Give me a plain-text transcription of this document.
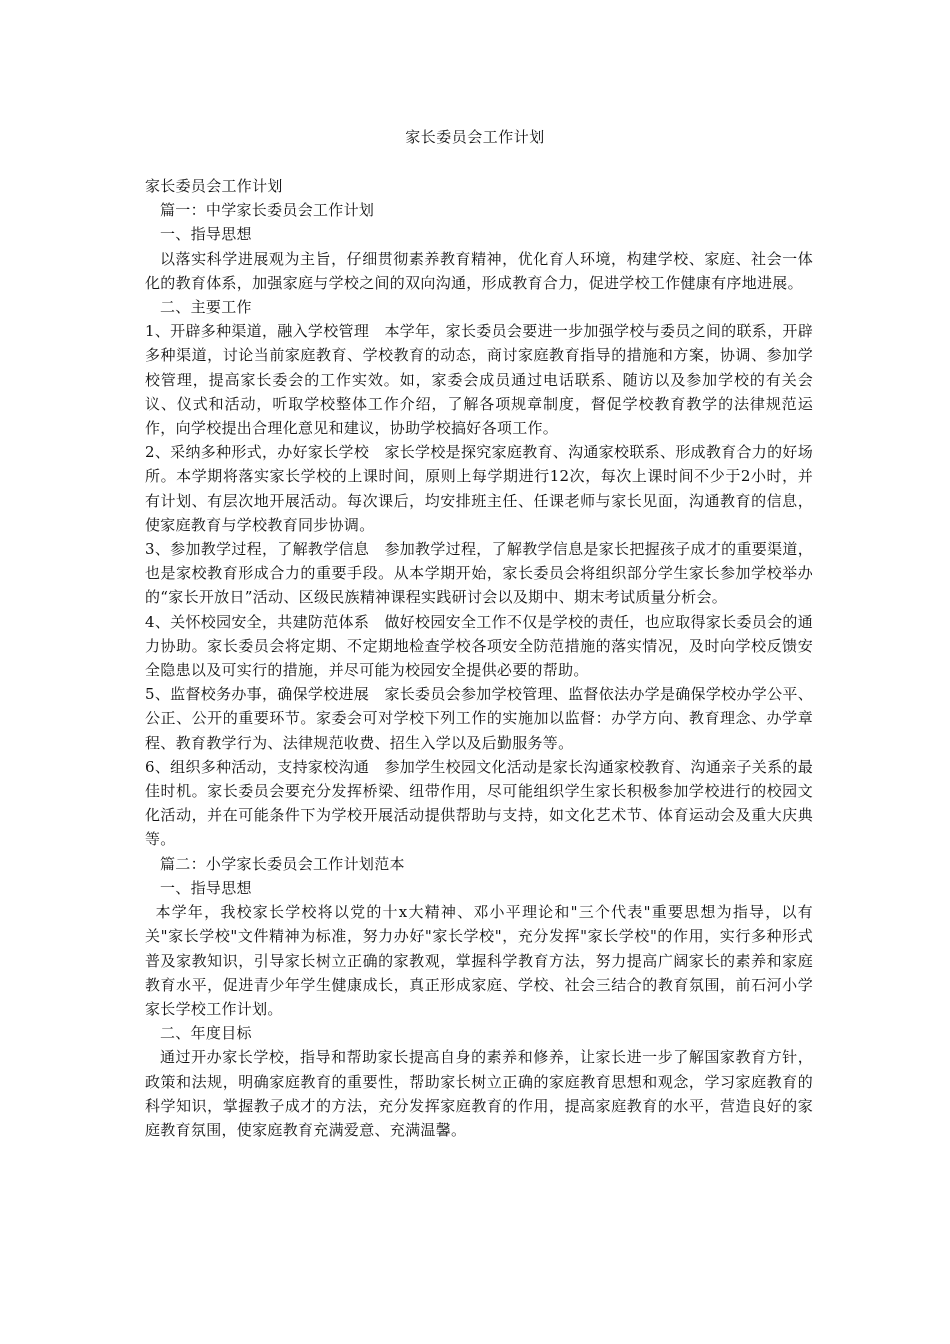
家长委员会工作计划

家长委员会工作计划

篇一：中学家长委员会工作计划

一、指导思想

以落实科学进展观为主旨，仔细贯彻素养教育精神，优化育人环境，构建学校、家庭、社会一体化的教育体系，加强家庭与学校之间的双向沟通，形成教育合力，促进学校工作健康有序地进展。

二、主要工作

1、开辟多种渠道，融入学校管理　本学年，家长委员会要进一步加强学校与委员之间的联系，开辟多种渠道，讨论当前家庭教育、学校教育的动态，商讨家庭教育指导的措施和方案，协调、参加学校管理，提高家长委会的工作实效。如，家委会成员通过电话联系、随访以及参加学校的有关会议、仪式和活动，听取学校整体工作介绍，了解各项规章制度，督促学校教育教学的法律规范运作，向学校提出合理化意见和建议，协助学校搞好各项工作。

2、采纳多种形式，办好家长学校　家长学校是探究家庭教育、沟通家校联系、形成教育合力的好场所。本学期将落实家长学校的上课时间，原则上每学期进行12次，每次上课时间不少于2小时，并有计划、有层次地开展活动。每次课后，均安排班主任、任课老师与家长见面，沟通教育的信息，使家庭教育与学校教育同步协调。

3、参加教学过程，了解教学信息　参加教学过程，了解教学信息是家长把握孩子成才的重要渠道，也是家校教育形成合力的重要手段。从本学期开始，家长委员会将组织部分学生家长参加学校举办的“家长开放日”活动、区级民族精神课程实践研讨会以及期中、期末考试质量分析会。

4、关怀校园安全，共建防范体系　做好校园安全工作不仅是学校的责任，也应取得家长委员会的通力协助。家长委员会将定期、不定期地检查学校各项安全防范措施的落实情况，及时向学校反馈安全隐患以及可实行的措施，并尽可能为校园安全提供必要的帮助。

5、监督校务办事，确保学校进展　家长委员会参加学校管理、监督依法办学是确保学校办学公平、公正、公开的重要环节。家委会可对学校下列工作的实施加以监督：办学方向、教育理念、办学章程、教育教学行为、法律规范收费、招生入学以及后勤服务等。

6、组织多种活动，支持家校沟通　参加学生校园文化活动是家长沟通家校教育、沟通亲子关系的最佳时机。家长委员会要充分发挥桥梁、纽带作用，尽可能组织学生家长积极参加学校进行的校园文化活动，并在可能条件下为学校开展活动提供帮助与支持，如文化艺术节、体育运动会及重大庆典等。

篇二：小学家长委员会工作计划范本

一、指导思想

本学年，我校家长学校将以党的十x大精神、邓小平理论和"三个代表"重要思想为指导，以有关"家长学校"文件精神为标准，努力办好"家长学校"，充分发挥"家长学校"的作用，实行多种形式普及家教知识，引导家长树立正确的家教观，掌握科学教育方法，努力提高广阔家长的素养和家庭教育水平，促进青少年学生健康成长，真正形成家庭、学校、社会三结合的教育氛围，前石河小学家长学校工作计划。

二、年度目标

通过开办家长学校，指导和帮助家长提高自身的素养和修养，让家长进一步了解国家教育方针，政策和法规，明确家庭教育的重要性，帮助家长树立正确的家庭教育思想和观念，学习家庭教育的科学知识，掌握教子成才的方法，充分发挥家庭教育的作用，提高家庭教育的水平，营造良好的家庭教育氛围，使家庭教育充满爱意、充满温馨。
